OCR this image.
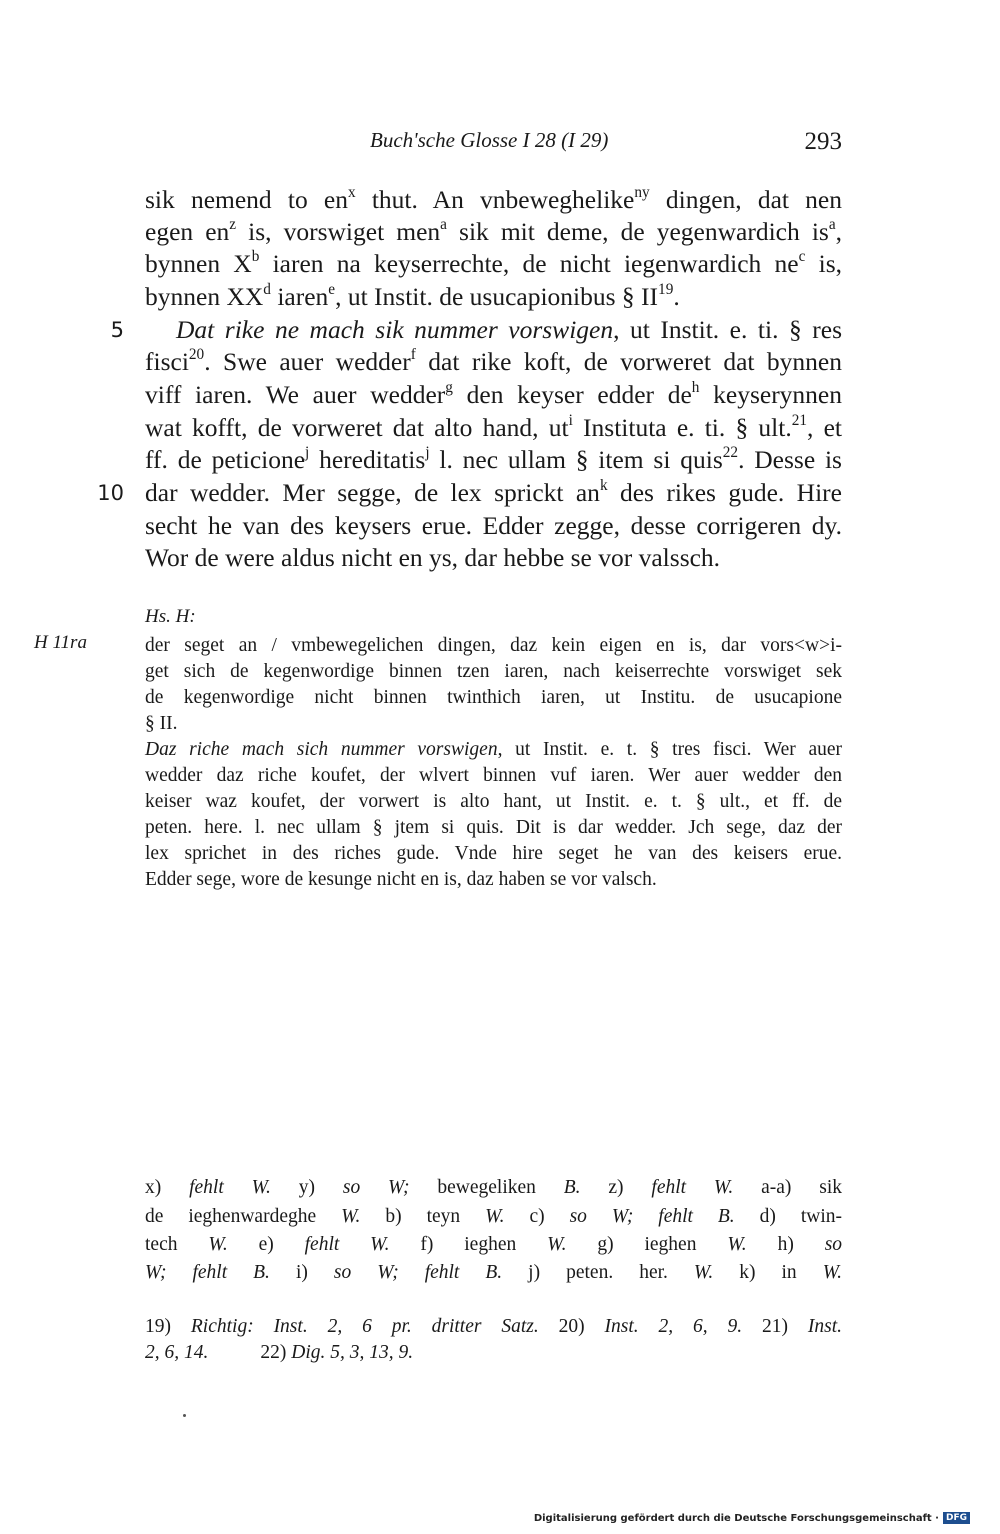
Buch'sche Glosse I 28 (I 29)	293
sik nemend to $en^x$ thut. An vnbeweghelike$^{ny}$ dingen, dat nen
egen $en^z$ is, vorswiget men$^a$ sik mit deme, de yegenwardich $is^a$,
bynnen $X^b$ iaren na keyserrechte, de nicht iegenwardich $ne^c$ is,
bynnen $XX^d$ iaren$^e$, ut Instit. de usucapionibus § II$^{19}$.
5 Dat rike ne mach sik nummer vorswigen, ut Instit. e. ti. § res
fisci$^{20}$. Swe auer wedder$^f$ dat rike koft, de vorweret dat bynnen
viff iaren. We auer wedder$^g$ den keyser edder $de^h$ keyserynnen
wat kofft, de vorweret dat alto hand, $ut^i$ Instituta e. ti. § ult.$^{21}$, et
ff. de peticione$^j$ hereditatis$^j$ l. nec ullam § item si quis$^{22}$. Desse is
10 dar wedder. Mer segge, de lex sprickt $an^k$ des rikes gude. Hire
secht he van des keysers erue. Edder zegge, desse corrigeren dy.
Wor de were aldus nicht en ys, dar hebbe se vor valssch.
Hs. H:
H 11ra	der seget an / vmbewegelichen dingen, daz kein eigen en is, dar vors<w>i-
get sich de kegenwordige binnen tzen iaren, nach keiserrechte vorswiget sek
de kegenwordige nicht binnen twinthich iaren, ut Institu. de usucapione
§ II.
Daz riche mach sich nummer vorswigen, ut Instit. e. t. § tres fisci. Wer auer
wedder daz riche koufet, der wlvert binnen vuf iaren. Wer auer wedder den
keiser waz koufet, der vorwert is alto hant, ut Instit. e. t. § ult., et ff. de
peten. here. l. nec ullam § jtem si quis. Dit is dar wedder. Jch sege, daz der
lex sprichet in des riches gude. Vnde hire seget he van des keisers erue.
Edder sege, wore de kesunge nicht en is, daz haben se vor valsch.
x) fehlt W. y) so W; bewegeliken B. z) fehlt W. a-a) sik
de ieghenwardeghe W. b) teyn W. c) so W; fehlt B. d) twin-
tech W. e) fehlt W. f) ieghen W. g) ieghen W. h) so
W; fehlt B. i) so W; fehlt B. j) peten. her. W. k) in W.
19) Richtig: Inst. 2, 6 pr. dritter Satz. 20) Inst. 2, 6, 9. 21) Inst.
2, 6, 14.	22) Dig. 5, 3, 13, 9.
Digitalisierung gefördert durch die Deutsche Forschungsgemeinschaft · DFG
